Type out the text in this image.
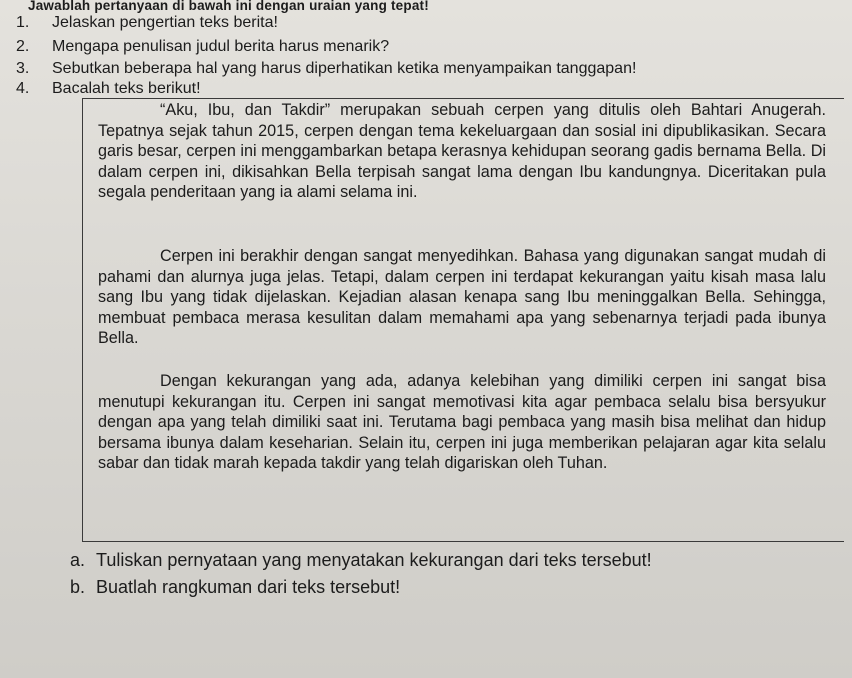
Jawablah pertanyaan di bawah ini dengan uraian yang tepat!
1. Jelaskan pengertian teks berita!
2. Mengapa penulisan judul berita harus menarik?
3. Sebutkan beberapa hal yang harus diperhatikan ketika menyampaikan tanggapan!
4. Bacalah teks berikut!

“Aku, Ibu, dan Takdir” merupakan sebuah cerpen yang ditulis oleh Bahtari Anugerah. Tepatnya sejak tahun 2015, cerpen dengan tema kekeluargaan dan sosial ini dipublikasikan. Secara garis besar, cerpen ini menggambarkan betapa kerasnya kehidupan seorang gadis bernama Bella. Di dalam cerpen ini, dikisahkan Bella terpisah sangat lama dengan Ibu kandungnya. Diceritakan pula segala penderitaan yang ia alami selama ini.

Cerpen ini berakhir dengan sangat menyedihkan. Bahasa yang digunakan sangat mudah di pahami dan alurnya juga jelas. Tetapi, dalam cerpen ini terdapat kekurangan yaitu kisah masa lalu sang Ibu yang tidak dijelaskan. Kejadian alasan kenapa sang Ibu meninggalkan Bella. Sehingga, membuat pembaca merasa kesulitan dalam memahami apa yang sebenarnya terjadi pada ibunya Bella.

Dengan kekurangan yang ada, adanya kelebihan yang dimiliki cerpen ini sangat bisa menutupi kekurangan itu. Cerpen ini sangat memotivasi kita agar pembaca selalu bisa bersyukur dengan apa yang telah dimiliki saat ini. Terutama bagi pembaca yang masih bisa melihat dan hidup bersama ibunya dalam keseharian. Selain itu, cerpen ini juga memberikan pelajaran agar kita selalu sabar dan tidak marah kepada takdir yang telah digariskan oleh Tuhan.

a. Tuliskan pernyataan yang menyatakan kekurangan dari teks tersebut!
b. Buatlah rangkuman dari teks tersebut!
